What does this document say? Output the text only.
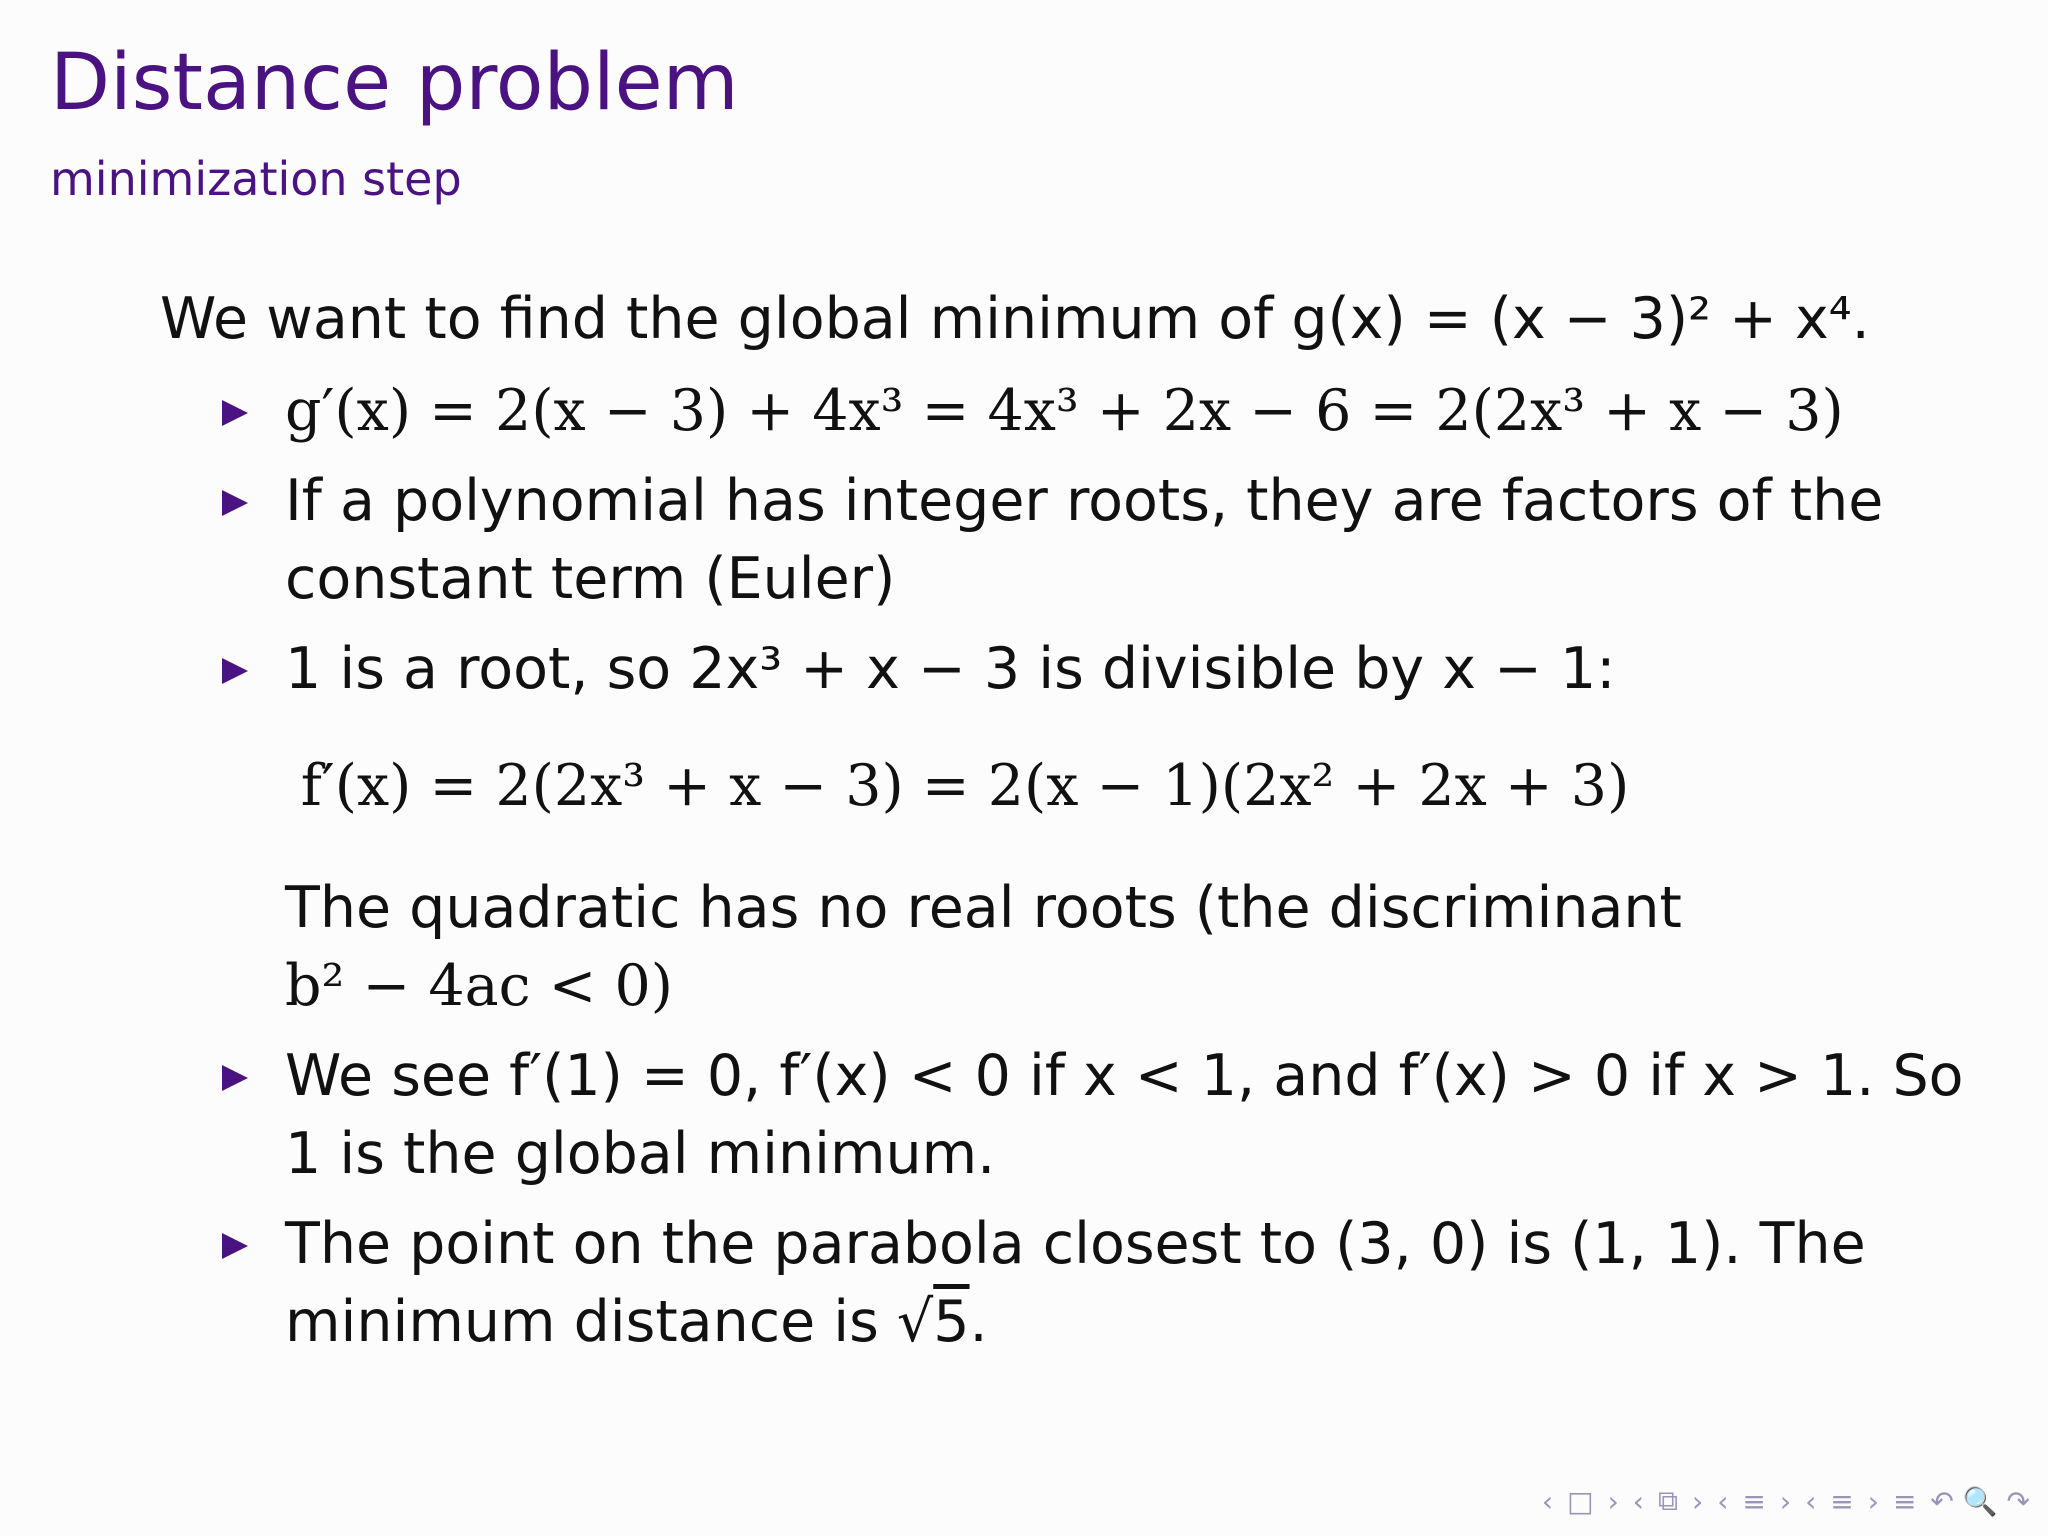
Distance problem
minimization step
We want to find the global minimum of g(x) = (x − 3)² + x⁴.
g′(x) = 2(x − 3) + 4x³ = 4x³ + 2x − 6 = 2(2x³ + x − 3)
If a polynomial has integer roots, they are factors of the
constant term (Euler)
1 is a root, so 2x³ + x − 3 is divisible by x − 1:
f′(x) = 2(2x³ + x − 3) = 2(x − 1)(2x² + 2x + 3)
The quadratic has no real roots (the discriminant
b² − 4ac < 0)
We see f′(1) = 0, f′(x) < 0 if x < 1, and f′(x) > 0 if x > 1. So
1 is the global minimum.
The point on the parabola closest to (3, 0) is (1, 1). The
minimum distance is √5.
‹ □ › ‹ ⧉ › ‹ ≡ › ‹ ≡ › ≡ ↶ 🔍 ↷
